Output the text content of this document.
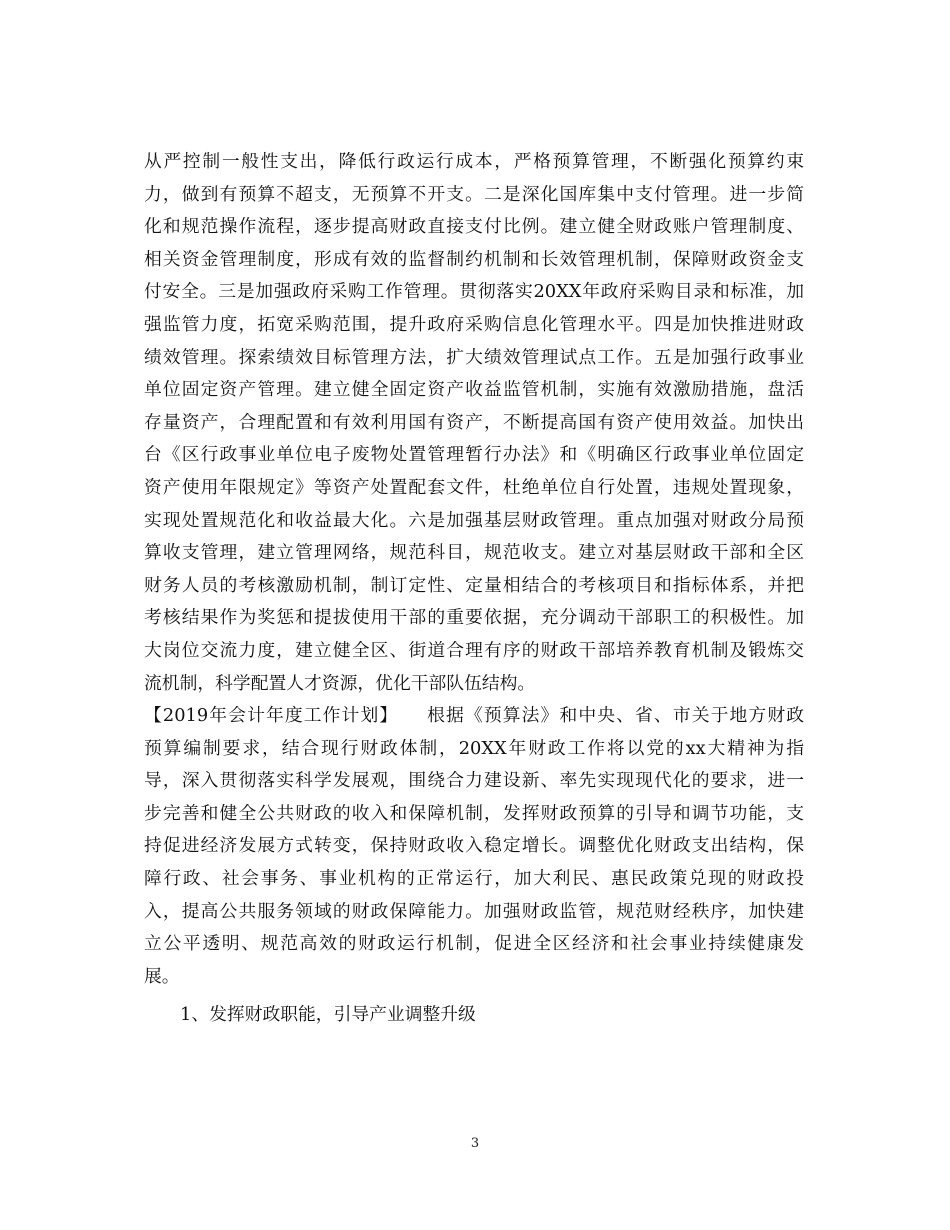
从严控制一般性支出，降低行政运行成本，严格预算管理，不断强化预算约束
力，做到有预算不超支，无预算不开支。二是深化国库集中支付管理。进一步简
化和规范操作流程，逐步提高财政直接支付比例。建立健全财政账户管理制度、
相关资金管理制度，形成有效的监督制约机制和长效管理机制，保障财政资金支
付安全。三是加强政府采购工作管理。贯彻落实20XX年政府采购目录和标准，加
强监管力度，拓宽采购范围，提升政府采购信息化管理水平。四是加快推进财政
绩效管理。探索绩效目标管理方法，扩大绩效管理试点工作。五是加强行政事业
单位固定资产管理。建立健全固定资产收益监管机制，实施有效激励措施，盘活
存量资产，合理配置和有效利用国有资产，不断提高国有资产使用效益。加快出
台《区行政事业单位电子废物处置管理暂行办法》和《明确区行政事业单位固定
资产使用年限规定》等资产处置配套文件，杜绝单位自行处置，违规处置现象，
实现处置规范化和收益最大化。六是加强基层财政管理。重点加强对财政分局预
算收支管理，建立管理网络，规范科目，规范收支。建立对基层财政干部和全区
财务人员的考核激励机制，制订定性、定量相结合的考核项目和指标体系，并把
考核结果作为奖惩和提拔使用干部的重要依据，充分调动干部职工的积极性。加
大岗位交流力度，建立健全区、街道合理有序的财政干部培养教育机制及锻炼交
流机制，科学配置人才资源，优化干部队伍结构。
【2019年会计年度工作计划】　　根据《预算法》和中央、省、市关于地方财政
预算编制要求，结合现行财政体制，20XX年财政工作将以党的xx大精神为指
导，深入贯彻落实科学发展观，围绕合力建设新、率先实现现代化的要求，进一
步完善和健全公共财政的收入和保障机制，发挥财政预算的引导和调节功能，支
持促进经济发展方式转变，保持财政收入稳定增长。调整优化财政支出结构，保
障行政、社会事务、事业机构的正常运行，加大利民、惠民政策兑现的财政投
入，提高公共服务领域的财政保障能力。加强财政监管，规范财经秩序，加快建
立公平透明、规范高效的财政运行机制，促进全区经济和社会事业持续健康发
展。
1、发挥财政职能，引导产业调整升级
3
